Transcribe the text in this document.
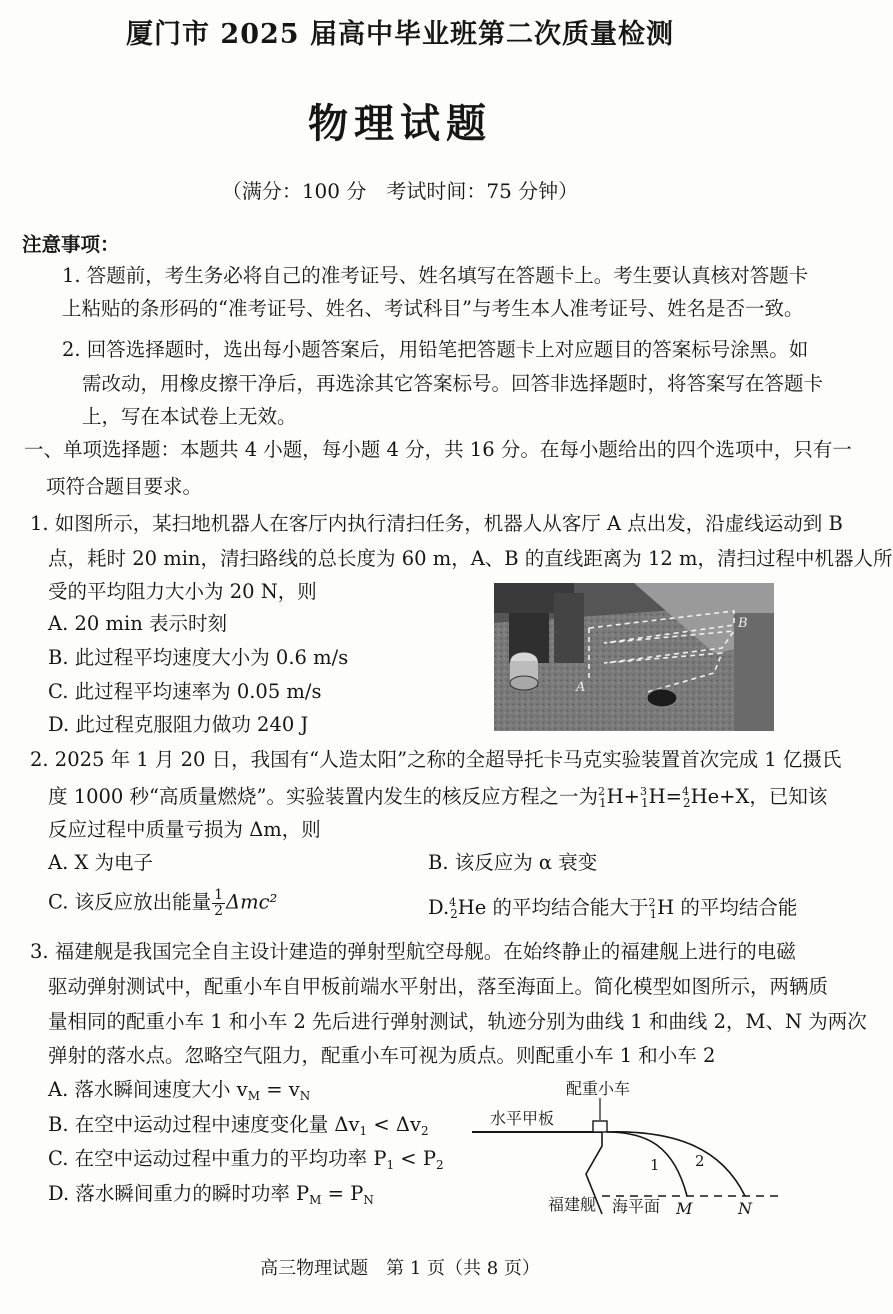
厦门市 2025 届高中毕业班第二次质量检测
物理试题

（满分：100 分　考试时间：75 分钟）

注意事项：

1. 答题前，考生务必将自己的准考证号、姓名填写在答题卡上。考生要认真核对答题卡

上粘贴的条形码的“准考证号、姓名、考试科目”与考生本人准考证号、姓名是否一致。

2. 回答选择题时，选出每小题答案后，用铅笔把答题卡上对应题目的答案标号涂黑。如

需改动，用橡皮擦干净后，再选涂其它答案标号。回答非选择题时，将答案写在答题卡

上，写在本试卷上无效。

一、单项选择题：本题共 4 小题，每小题 4 分，共 16 分。在每小题给出的四个选项中，只有一

项符合题目要求。

1. 如图所示，某扫地机器人在客厅内执行清扫任务，机器人从客厅 A 点出发，沿虚线运动到 B

点，耗时 20 min，清扫路线的总长度为 60 m，A、B 的直线距离为 12 m，清扫过程中机器人所

受的平均阻力大小为 20 N，则

A. 20 min 表示时刻

B. 此过程平均速度大小为 0.6 m/s

C. 此过程平均速率为 0.05 m/s

D. 此过程克服阻力做功 240 J

A
B

2. 2025 年 1 月 20 日，我国有“人造太阳”之称的全超导托卡马克实验装置首次完成 1 亿摄氏

度 1000 秒“高质量燃烧”。实验装置内发生的核反应方程之一为$^2_1$H+$^3_1$H=$^4_2$He+X，已知该

反应过程中质量亏损为 Δm，则

A. X 为电子	B. 该反应为 α 衰变

C. 该反应放出能量 $\frac{1}{2} \Delta mc^2$	D.$^4_2$He 的平均结合能大于$^2_1$H 的平均结合能

3. 福建舰是我国完全自主设计建造的弹射型航空母舰。在始终静止的福建舰上进行的电磁

驱动弹射测试中，配重小车自甲板前端水平射出，落至海面上。简化模型如图所示，两辆质

量相同的配重小车 1 和小车 2 先后进行弹射测试，轨迹分别为曲线 1 和曲线 2，M、N 为两次

弹射的落水点。忽略空气阻力，配重小车可视为质点。则配重小车 1 和小车 2

A. 落水瞬间速度大小 $v_M = v_N$

B. 在空中运动过程中速度变化量 $\Delta v_1 < \Delta v_2$

C. 在空中运动过程中重力的平均功率 $P_1 < P_2$

D. 落水瞬间重力的瞬时功率 $P_M = P_N$

配重小车
水平甲板
1 2
福建舰 海平面 M	N

高三物理试题　第 1 页（共 8 页）
